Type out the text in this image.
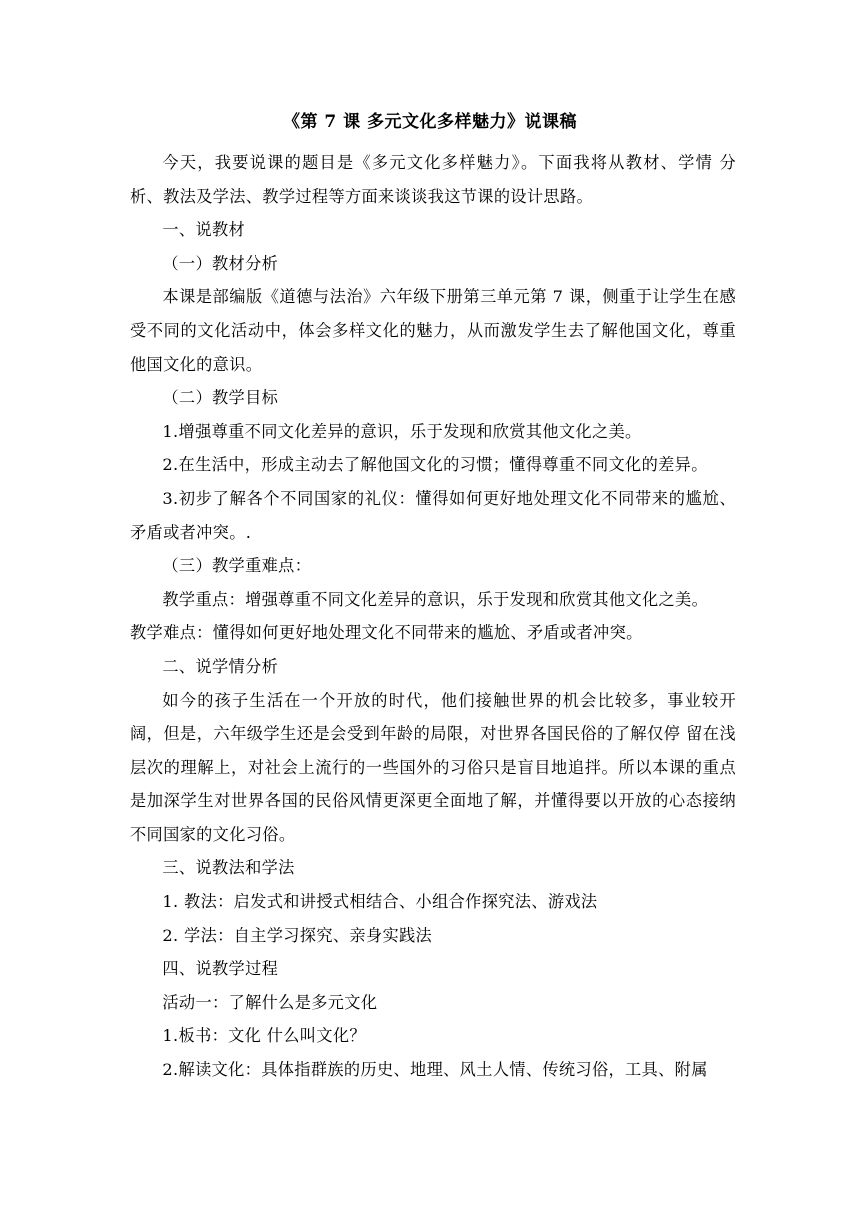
《第 7 课 多元文化多样魅力》说课稿

今天，我要说课的题目是《多元文化多样魅力》。下面我将从教材、学情 分析、教法及学法、教学过程等方面来谈谈我这节课的设计思路。

一、说教材

（一）教材分析

本课是部编版《道德与法治》六年级下册第三单元第 7 课，侧重于让学生在感受不同的文化活动中，体会多样文化的魅力，从而激发学生去了解他国文化，尊重他国文化的意识。

（二）教学目标

1.增强尊重不同文化差异的意识，乐于发现和欣赏其他文化之美。

2.在生活中，形成主动去了解他国文化的习惯；懂得尊重不同文化的差异。

3.初步了解各个不同国家的礼仪：懂得如何更好地处理文化不同带来的尴尬、矛盾或者冲突。.

（三）教学重难点：

教学重点：增强尊重不同文化差异的意识，乐于发现和欣赏其他文化之美。

教学难点：懂得如何更好地处理文化不同带来的尴尬、矛盾或者冲突。

二、说学情分析

如今的孩子生活在一个开放的时代，他们接触世界的机会比较多，事业较开阔，但是，六年级学生还是会受到年龄的局限，对世界各国民俗的了解仅停 留在浅层次的理解上，对社会上流行的一些国外的习俗只是盲目地追拌。所以本课的重点是加深学生对世界各国的民俗风情更深更全面地了解，并懂得要以开放的心态接纳不同国家的文化习俗。

三、说教法和学法

1. 教法：启发式和讲授式相结合、小组合作探究法、游戏法

2. 学法：自主学习探究、亲身实践法

四、说教学过程

活动一：了解什么是多元文化

1.板书：文化 什么叫文化？

2.解读文化：具体指群族的历史、地理、风土人情、传统习俗，工具、附属
